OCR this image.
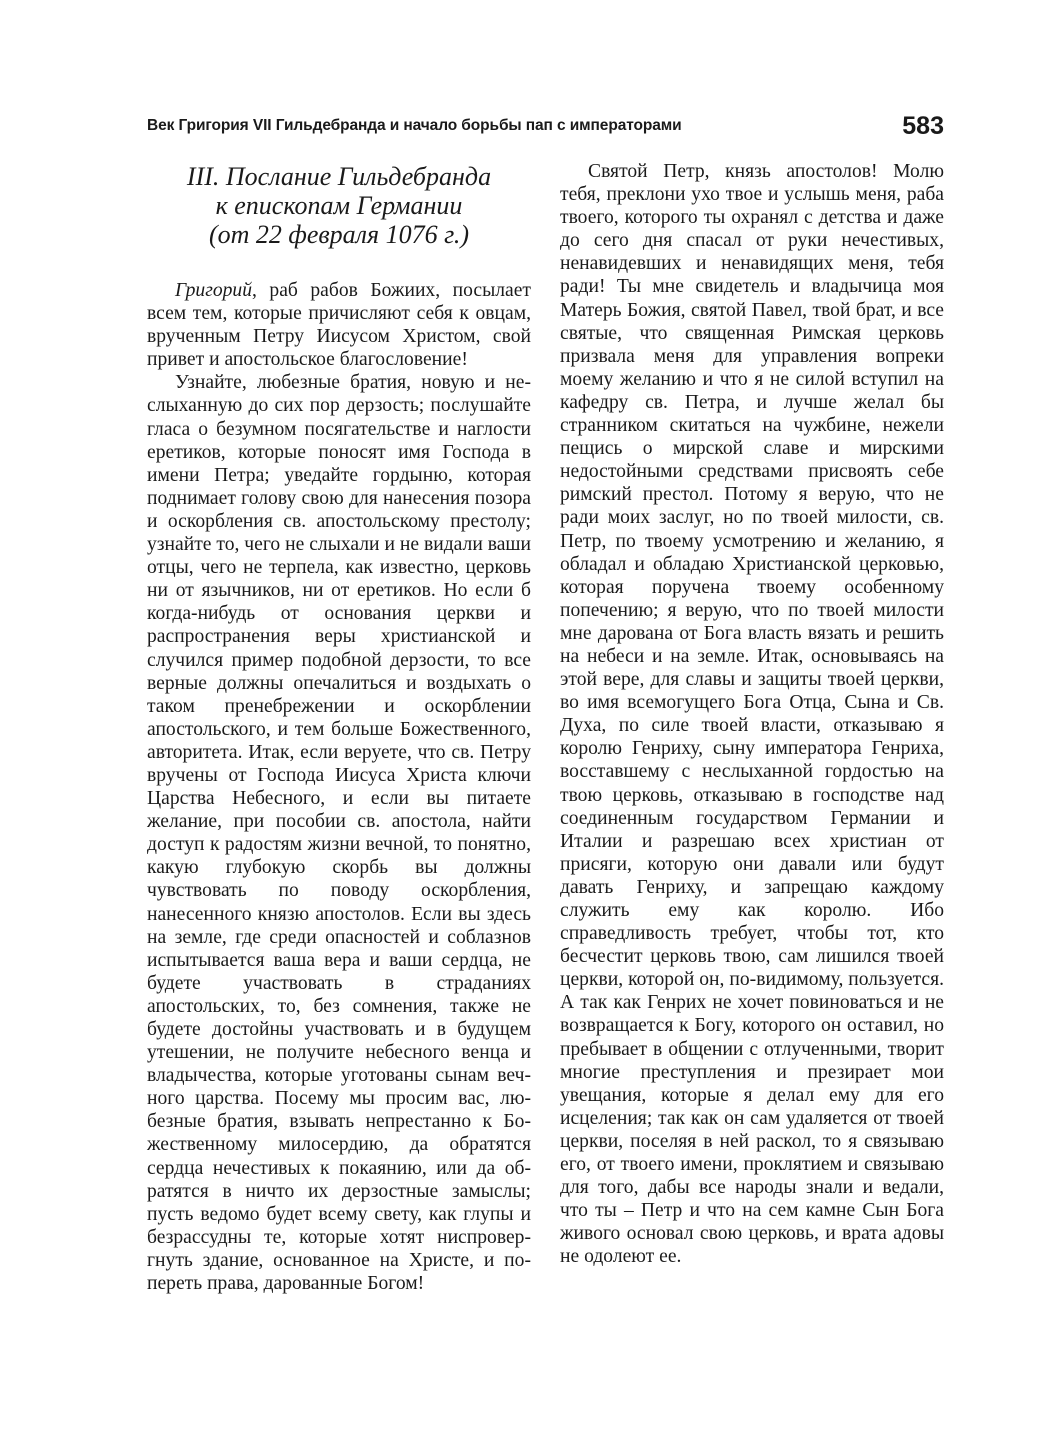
Век Григория VII Гильдебранда и начало борьбы пап с императорами	583
III. Послание Гильдебранда
к епископам Германии
(от 22 февраля 1076 г.)

Григорий, раб рабов Божиих, посылает всем тем, которые причисляют себя к овцам, врученным Петру Иисусом Христом, свой привет и апостольское благословение!

Узнайте, любезные братия, новую и неслыханную до сих пор дерзость; послушайте гласа о безумном посягательстве и наглости еретиков, которые поносят имя Господа в имени Петра; уведайте гордыню, которая поднимает голову свою для нанесения позора и оскорбления св. апостольскому престолу; узнайте то, чего не слыхали и не видали ваши отцы, чего не терпела, как известно, церковь ни от язычников, ни от еретиков. Но если б когда-нибудь от основания церкви и распространения веры христианской и случился пример подобной дерзости, то все верные должны опечалиться и воздыхать о таком пренебрежении и оскорблении апостольского, и тем больше Божественного, авторитета. Итак, если веруете, что св. Петру вручены от Господа Иисуса Христа ключи Царства Небесного, и если вы питаете желание, при пособии св. апостола, найти доступ к радостям жизни вечной, то понятно, какую глубокую скорбь вы должны чувствовать по поводу оскорбления, нанесенного князю апостолов. Если вы здесь на земле, где среди опасностей и соблазнов испытывается ваша вера и ваши сердца, не будете участвовать в страданиях апостольских, то, без сомнения, также не будете достойны участвовать и в будущем утешении, не получите небесного венца и владычества, которые уготованы сынам вечного царства. Посему мы просим вас, любезные братия, взывать непрестанно к Божественному милосердию, да обратятся сердца нечестивых к покаянию, или да обратятся в ничто их дерзостные замыслы; пусть ведомо будет всему свету, как глупы и безрассудны те, которые хотят ниспровергнуть здание, основанное на Христе, и попереть права, дарованные Богом!

Святой Петр, князь апостолов! Молю тебя, преклони ухо твое и услышь меня, раба твоего, которого ты охранял с детства и даже до сего дня спасал от руки нечестивых, ненавидевших и ненавидящих меня, тебя ради! Ты мне свидетель и владычица моя Матерь Божия, святой Павел, твой брат, и все святые, что священная Римская церковь призвала меня для управления вопреки моему желанию и что я не силой вступил на кафедру св. Петра, и лучше желал бы странником скитаться на чужбине, нежели пещись о мирской славе и мирскими недостойными средствами присвоять себе римский престол. Потому я верую, что не ради моих заслуг, но по твоей милости, св. Петр, по твоему усмотрению и желанию, я обладал и обладаю Христианской церковью, которая поручена твоему особенному попечению; я верую, что по твоей милости мне дарована от Бога власть вязать и решить на небеси и на земле. Итак, основываясь на этой вере, для славы и защиты твоей церкви, во имя всемогущего Бога Отца, Сына и Св. Духа, по силе твоей власти, отказываю я королю Генриху, сыну императора Генриха, восставшему с неслыханной гордостью на твою церковь, отказываю в господстве над соединенным государством Германии и Италии и разрешаю всех христиан от присяги, которую они давали или будут давать Генриху, и запрещаю каждому служить ему как королю. Ибо справедливость требует, чтобы тот, кто бесчестит церковь твою, сам лишился твоей церкви, которой он, по-видимому, пользуется. А так как Генрих не хочет повиноваться и не возвращается к Богу, которого он оставил, но пребывает в общении с отлученными, творит многие преступления и презирает мои увещания, которые я делал ему для его исцеления; так как он сам удаляется от твоей церкви, поселяя в ней раскол, то я связываю его, от твоего имени, проклятием и связываю для того, дабы все народы знали и ведали, что ты – Петр и что на сем камне Сын Бога живого основал свою церковь, и врата адовы не одолеют ее.
